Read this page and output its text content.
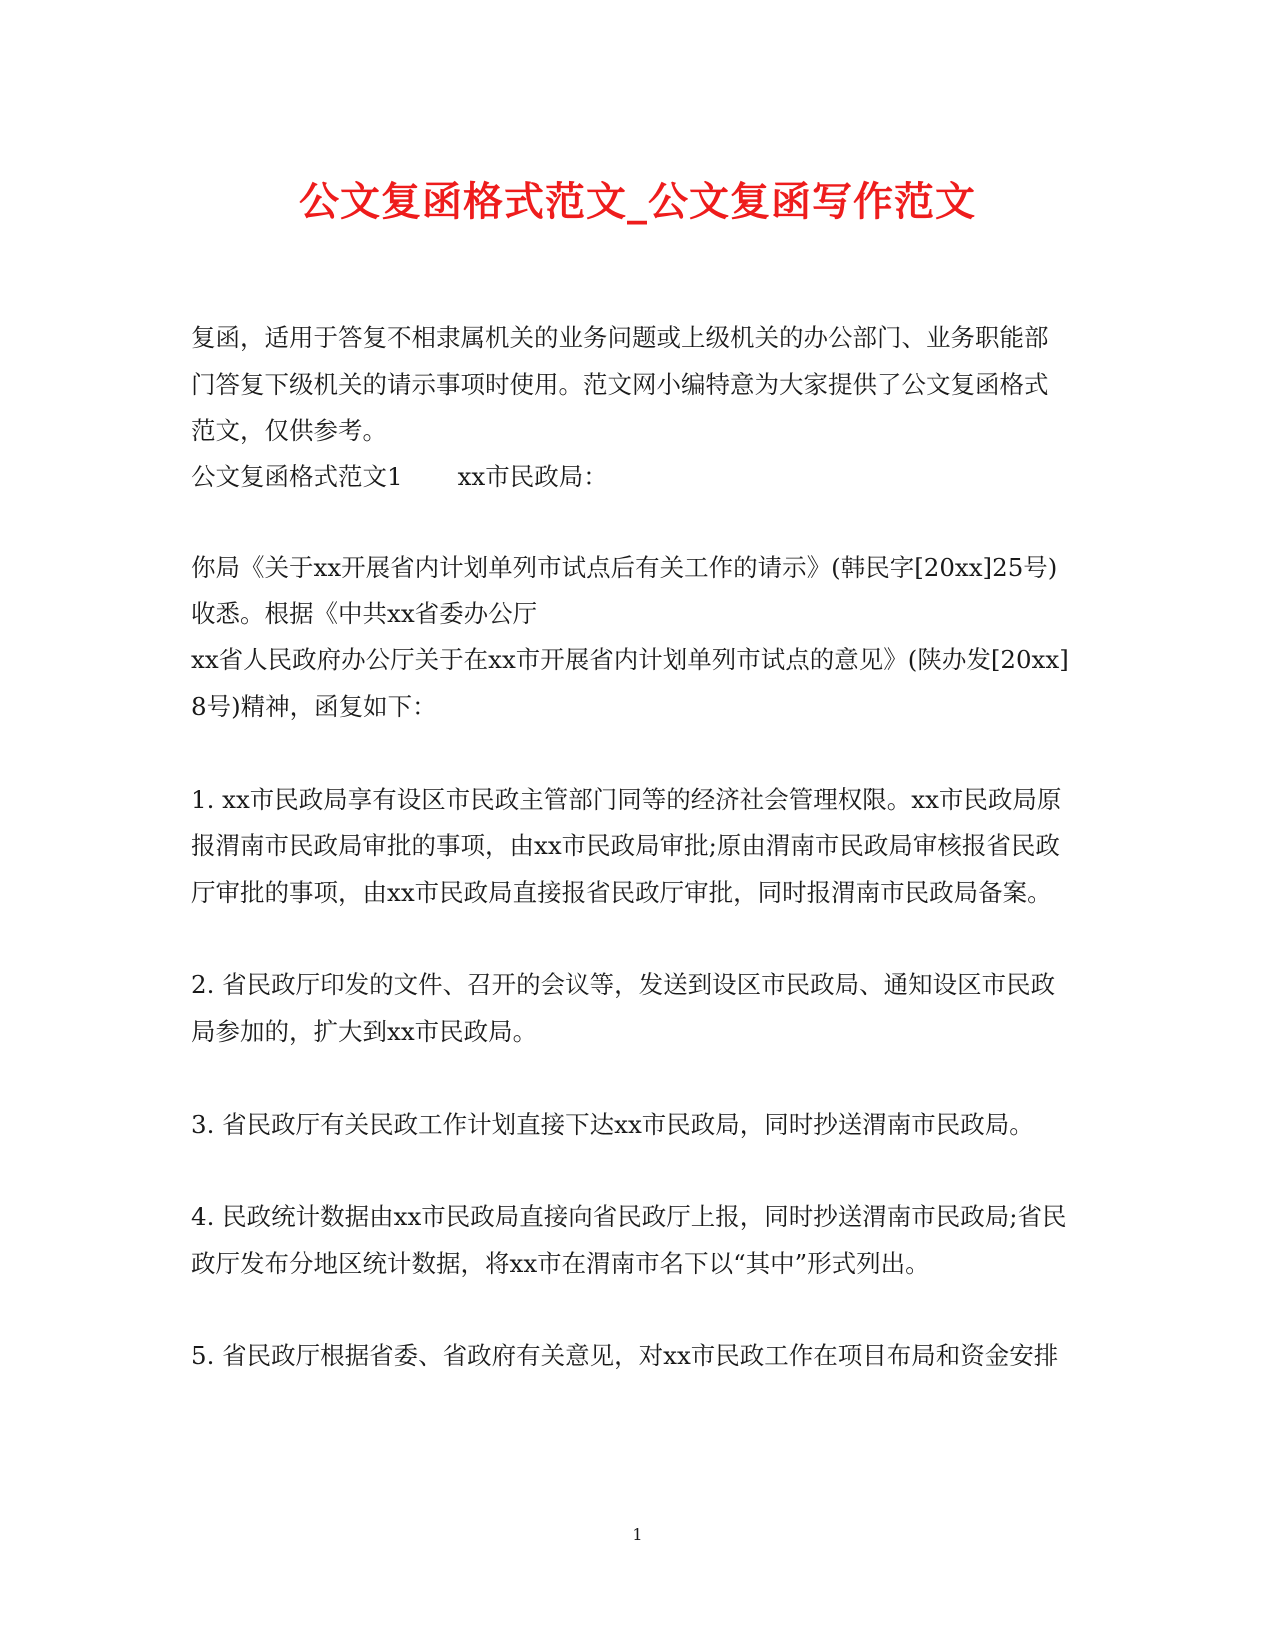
公文复函格式范文_公文复函写作范文
复函，适用于答复不相隶属机关的业务问题或上级机关的办公部门、业务职能部
门答复下级机关的请示事项时使用。范文网小编特意为大家提供了公文复函格式
范文，仅供参考。
公文复函格式范文1 xx市民政局：
你局《关于xx开展省内计划单列市试点后有关工作的请示》(韩民字[20xx]25号)
收悉。根据《中共xx省委办公厅
xx省人民政府办公厅关于在xx市开展省内计划单列市试点的意见》(陕办发[20xx]
8号)精神，函复如下：
1. xx市民政局享有设区市民政主管部门同等的经济社会管理权限。xx市民政局原
报渭南市民政局审批的事项，由xx市民政局审批;原由渭南市民政局审核报省民政
厅审批的事项，由xx市民政局直接报省民政厅审批，同时报渭南市民政局备案。
2. 省民政厅印发的文件、召开的会议等，发送到设区市民政局、通知设区市民政
局参加的，扩大到xx市民政局。
3. 省民政厅有关民政工作计划直接下达xx市民政局，同时抄送渭南市民政局。
4. 民政统计数据由xx市民政局直接向省民政厅上报，同时抄送渭南市民政局;省民
政厅发布分地区统计数据，将xx市在渭南市名下以“其中”形式列出。
5. 省民政厅根据省委、省政府有关意见，对xx市民政工作在项目布局和资金安排
1
